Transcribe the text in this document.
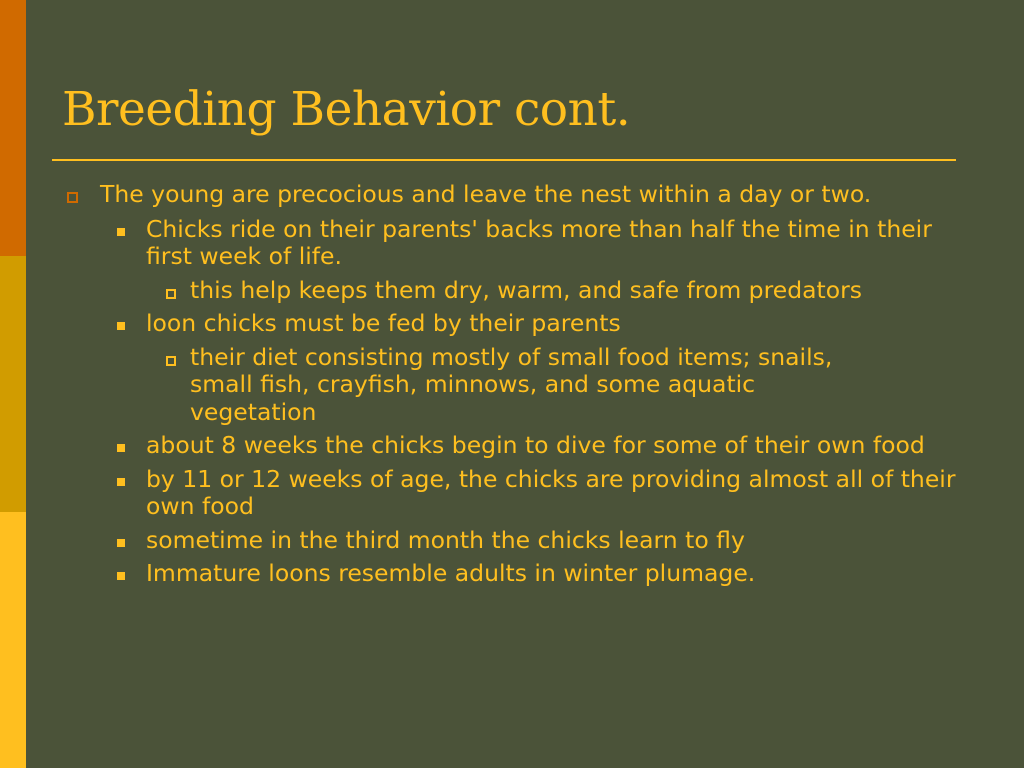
Breeding Behavior cont.
The young are precocious and leave the nest within a day or two.
Chicks ride on their parents' backs more than half the time in their first week of life.
this help keeps them dry, warm, and safe from predators
loon chicks must be fed by their parents
their diet consisting mostly of small food items; snails, small fish, crayfish, minnows, and some aquatic vegetation
about 8 weeks the chicks begin to dive for some of their own food
by 11 or 12 weeks of age, the chicks are providing almost all of their own food
sometime in the third month the chicks learn to fly
Immature loons resemble adults in winter plumage.
